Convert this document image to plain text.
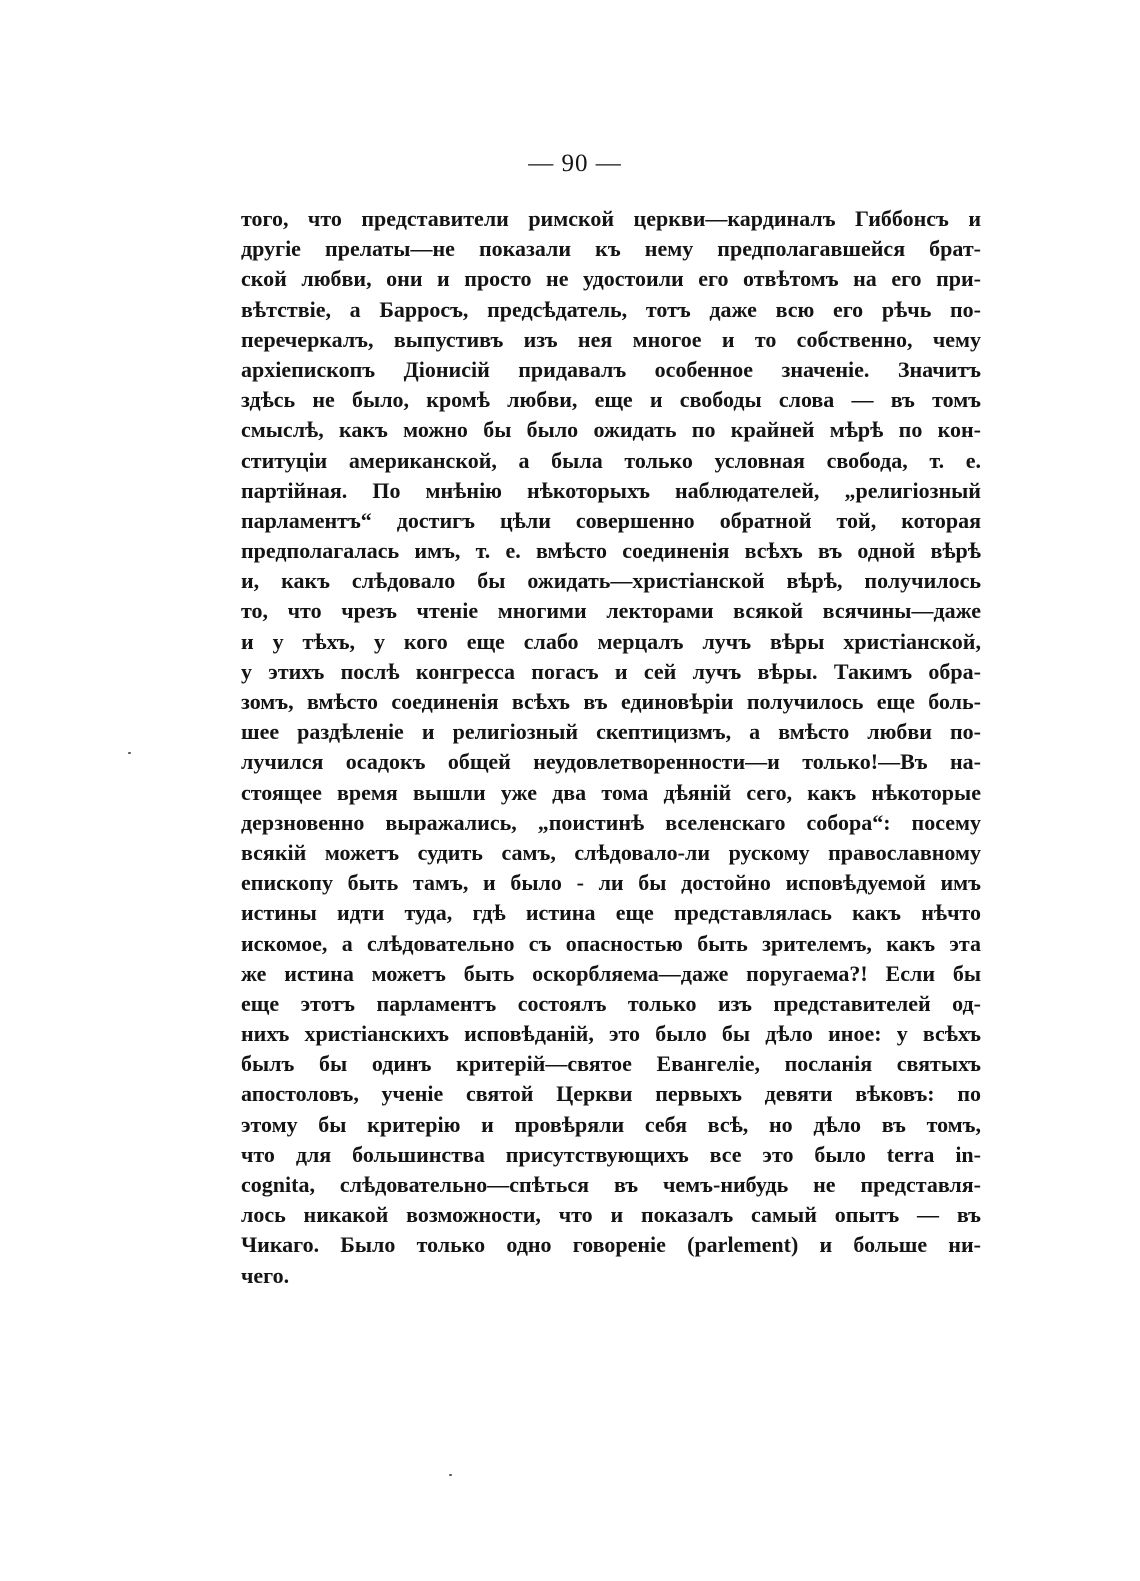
— 90 —
того, что представители римской церкви—кардиналъ Гиббонсъ и
другіе прелаты—не показали къ нему предполагавшейся брат-
ской любви, они и просто не удостоили его отвѣтомъ на его при-
вѣтствіе, а Барросъ, предсѣдатель, тотъ даже всю его рѣчь по-
перечеркалъ, выпустивъ изъ нея многое и то собственно, чему
архіепископъ Діонисій придавалъ особенное значеніе. Значитъ
здѣсь не было, кромѣ любви, еще и свободы слова — въ томъ
смыслѣ, какъ можно бы было ожидать по крайней мѣрѣ по кон-
ституціи американской, а была только условная свобода, т. е.
партійная. По мнѣнію нѣкоторыхъ наблюдателей, „религіозный
парламентъ“ достигъ цѣли совершенно обратной той, которая
предполагалась имъ, т. е. вмѣсто соединенія всѣхъ въ одной вѣрѣ
и, какъ слѣдовало бы ожидать—христіанской вѣрѣ, получилось
то, что чрезъ чтеніе многими лекторами всякой всячины—даже
и у тѣхъ, у кого еще слабо мерцалъ лучъ вѣры христіанской,
у этихъ послѣ конгресса погасъ и сей лучъ вѣры. Такимъ обра-
зомъ, вмѣсто соединенія всѣхъ въ единовѣріи получилось еще боль-
шее раздѣленіе и религіозный скептицизмъ, а вмѣсто любви по-
лучился осадокъ общей неудовлетворенности—и только!—Въ на-
стоящее время вышли уже два тома дѣяній сего, какъ нѣкоторые
дерзновенно выражались, „поистинѣ вселенскаго собора“: посему
всякій можетъ судить самъ, слѣдовало-ли рускому православному
епископу быть тамъ, и было - ли бы достойно исповѣдуемой имъ
истины идти туда, гдѣ истина еще представлялась какъ нѣчто
искомое, а слѣдовательно съ опасностью быть зрителемъ, какъ эта
же истина можетъ быть оскорбляема—даже поругаема?! Если бы
еще этотъ парламентъ состоялъ только изъ представителей од-
нихъ христіанскихъ исповѣданій, это было бы дѣло иное: у всѣхъ
былъ бы одинъ критерій—святое Евангеліе, посланія святыхъ
апостоловъ, ученіе святой Церкви первыхъ девяти вѣковъ: по
этому бы критерію и провѣряли себя всѣ, но дѣло въ томъ,
что для большинства присутствующихъ все это было terra in-
cognita, слѣдовательно—спѣться въ чемъ-нибудь не представля-
лось никакой возможности, что и показалъ самый опытъ — въ
Чикаго. Было только одно говореніе (parlement) и больше ни-
чего.
